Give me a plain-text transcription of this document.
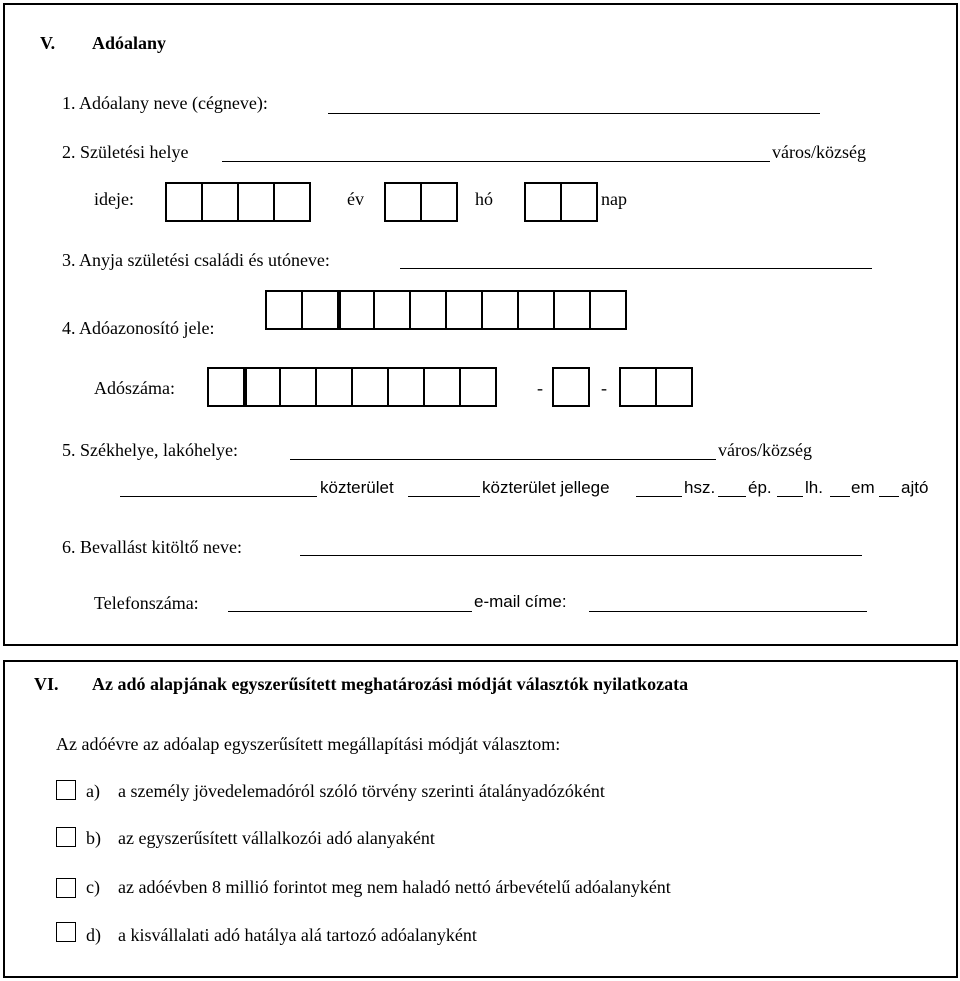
V. Adóalany
1. Adóalany neve (cégneve):
2. Születési helye	város/község
ideje:	év	hó	nap
3. Anyja születési családi és utóneve:
4. Adóazonosító jele:
Adószáma:	-	-
5. Székhelye, lakóhelye:	város/község
közterület	közterület jellege	hsz. ép. lh. em ajtó
6. Bevallást kitöltő neve:
Telefonszáma:	e-mail címe:
VI. Az adó alapjának egyszerűsített meghatározási módját választók nyilatkozata
Az adóévre az adóalap egyszerűsített megállapítási módját választom:
a) a személy jövedelemadóról szóló törvény szerinti átalányadózóként
b) az egyszerűsített vállalkozói adó alanyaként
c) az adóévben 8 millió forintot meg nem haladó nettó árbevételű adóalanyként
d) a kisvállalati adó hatálya alá tartozó adóalanyként
